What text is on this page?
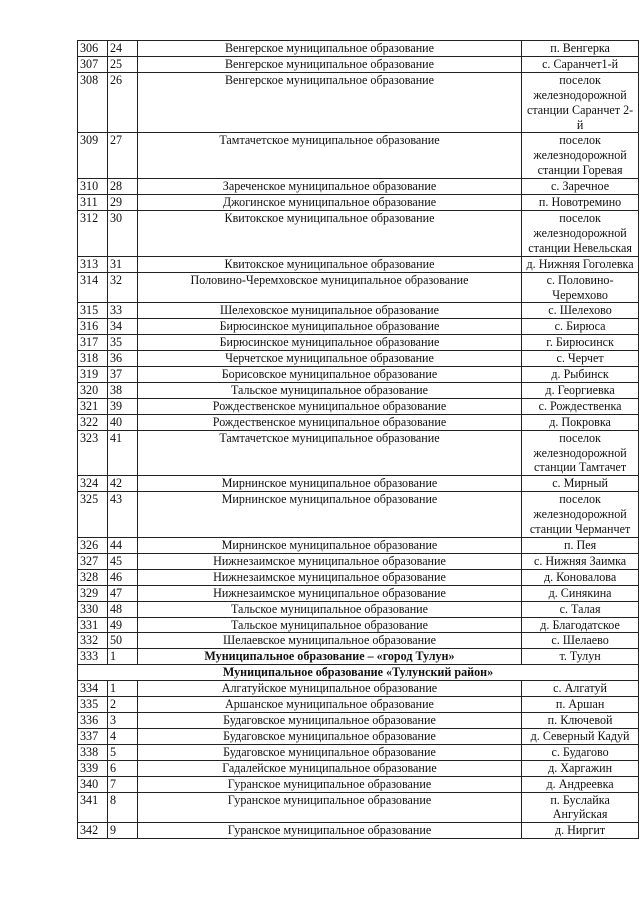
306	24	Венгерское муниципальное образование	п. Венгерка
307	25	Венгерское муниципальное образование	с. Саранчет1-й
308	26	Венгерское муниципальное образование	поселок железнодорожной станции Саранчет 2-й
309	27	Тамтачетское муниципальное образование	поселок железнодорожной станции Горевая
310	28	Зареченское муниципальное образование	с. Заречное
311	29	Джогинское муниципальное образование	п. Новотремино
312	30	Квитокское муниципальное образование	поселок железнодорожной станции Невельская
313	31	Квитокское муниципальное образование	д. Нижняя Гоголевка
314	32	Половино-Черемховское муниципальное образование	с. Половино-Черемхово
315	33	Шелеховское муниципальное образование	с. Шелехово
316	34	Бирюсинское муниципальное образование	с. Бирюса
317	35	Бирюсинское муниципальное образование	г. Бирюсинск
318	36	Черчетское муниципальное образование	с. Черчет
319	37	Борисовское муниципальное образование	д. Рыбинск
320	38	Тальское муниципальное образование	д. Георгиевка
321	39	Рождественское муниципальное образование	с. Рождественка
322	40	Рождественское муниципальное образование	д. Покровка
323	41	Тамтачетское муниципальное образование	поселок железнодорожной станции Тамтачет
324	42	Мирнинское муниципальное образование	с. Мирный
325	43	Мирнинское муниципальное образование	поселок железнодорожной станции Черманчет
326	44	Мирнинское муниципальное образование	п. Пея
327	45	Нижнезаимское муниципальное образование	с. Нижняя Заимка
328	46	Нижнезаимское муниципальное образование	д. Коновалова
329	47	Нижнезаимское муниципальное образование	д. Синякина
330	48	Тальское муниципальное образование	с. Талая
331	49	Тальское муниципальное образование	д. Благодатское
332	50	Шелаевское муниципальное образование	с. Шелаево
333	1	Муниципальное образование – «город Тулун»	т. Тулун
Муниципальное образование «Тулунский район»			
334	1	Алгатуйское муниципальное образование	с. Алгатуй
335	2	Аршанское муниципальное образование	п. Аршан
336	3	Будаговское муниципальное образование	п. Ключевой
337	4	Будаговское муниципальное образование	д. Северный Кадуй
338	5	Будаговское муниципальное образование	с. Будагово
339	6	Гадалейское муниципальное образование	д. Харгажин
340	7	Гуранское муниципальное образование	д. Андреевка
341	8	Гуранское муниципальное образование	п. Буслайка Ангуйская
342	9	Гуранское муниципальное образование	д. Ниргит
